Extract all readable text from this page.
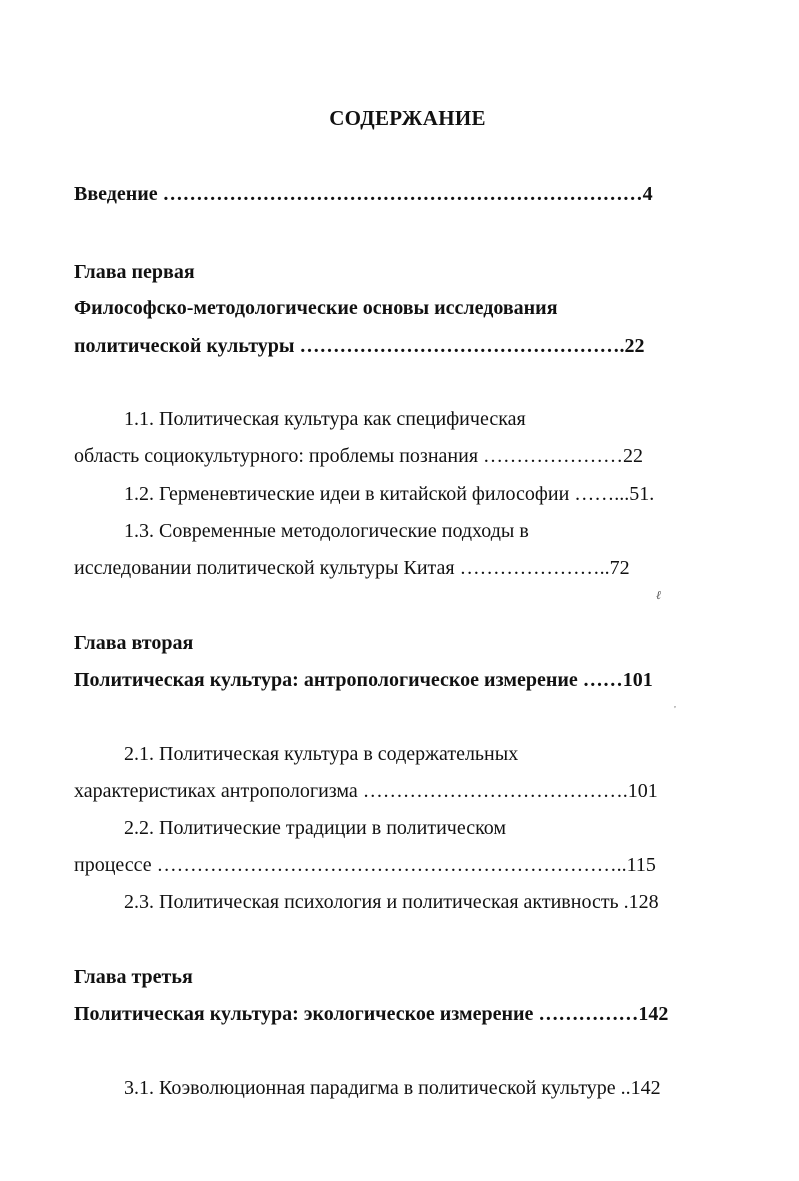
СОДЕРЖАНИЕ
Введение ………………………………………………………………4
Глава первая
Философско-методологические основы исследования
политической культуры ………………………………………….22
1.1. Политическая культура как специфическая
область социокультурного: проблемы познания …………………22
1.2. Герменевтические идеи в китайской философии ……...51.
1.3. Современные методологические подходы в
исследовании политической культуры Китая …………………..72
Глава вторая
Политическая культура: антропологическое измерение ……101
2.1. Политическая культура в содержательных
характеристиках антропологизма ………………………………….101
2.2. Политические традиции в политическом
процессе ……………………………………………………………..115
2.3. Политическая психология и политическая активность .128
Глава третья
Политическая культура: экологическое измерение ……………142
3.1. Коэволюционная парадигма в политической культуре ..142
ℓ
,
